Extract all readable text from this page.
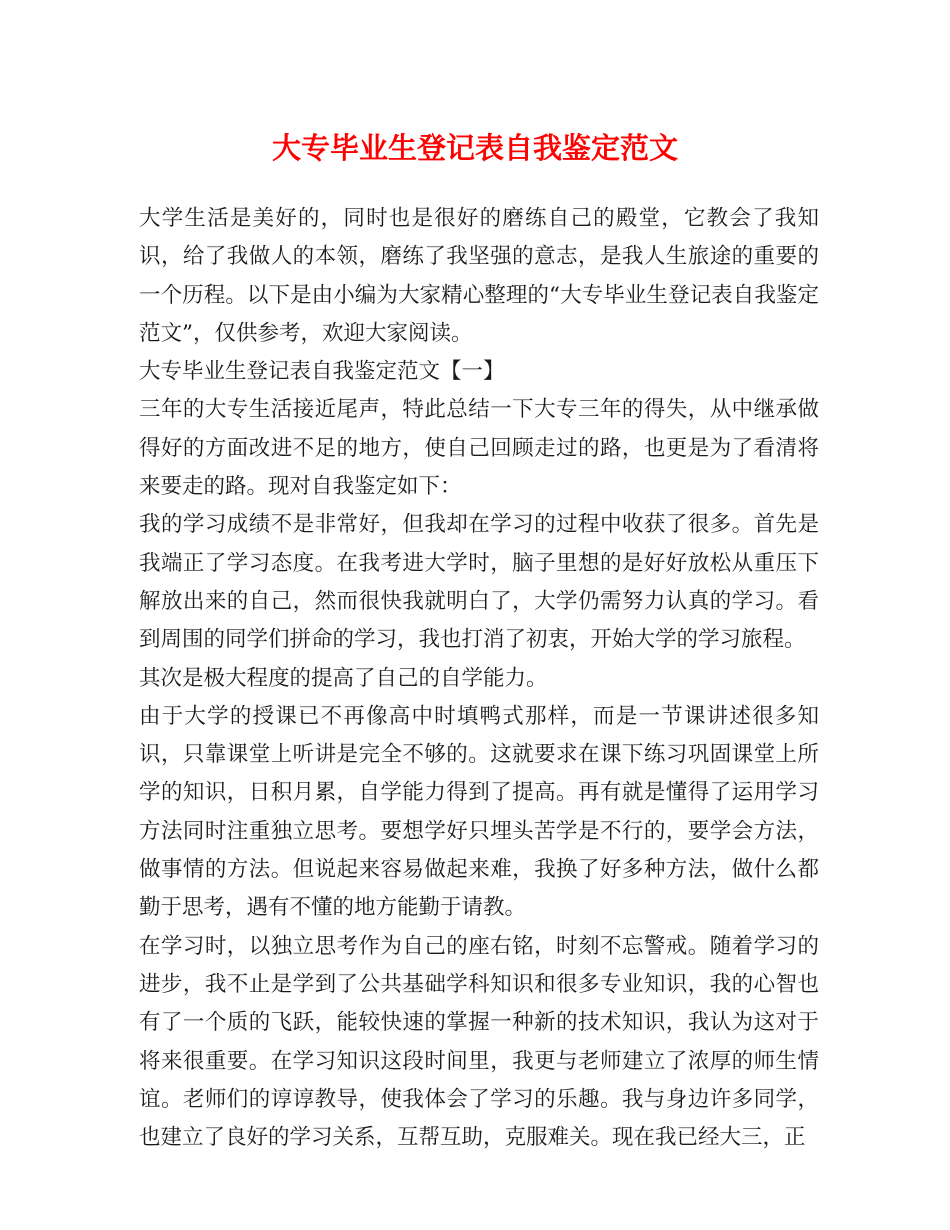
大专毕业生登记表自我鉴定范文

大学生活是美好的，同时也是很好的磨练自己的殿堂，它教会了我知识，给了我做人的本领，磨练了我坚强的意志，是我人生旅途的重要的一个历程。以下是由小编为大家精心整理的“大专毕业生登记表自我鉴定范文”，仅供参考，欢迎大家阅读。

大专毕业生登记表自我鉴定范文【一】

三年的大专生活接近尾声，特此总结一下大专三年的得失，从中继承做得好的方面改进不足的地方，使自己回顾走过的路，也更是为了看清将来要走的路。现对自我鉴定如下：

我的学习成绩不是非常好，但我却在学习的过程中收获了很多。首先是我端正了学习态度。在我考进大学时，脑子里想的是好好放松从重压下解放出来的自己，然而很快我就明白了，大学仍需努力认真的学习。看到周围的同学们拼命的学习，我也打消了初衷，开始大学的学习旅程。

其次是极大程度的提高了自己的自学能力。

由于大学的授课已不再像高中时填鸭式那样，而是一节课讲述很多知识，只靠课堂上听讲是完全不够的。这就要求在课下练习巩固课堂上所学的知识，日积月累，自学能力得到了提高。再有就是懂得了运用学习方法同时注重独立思考。要想学好只埋头苦学是不行的，要学会方法，做事情的方法。但说起来容易做起来难，我换了好多种方法，做什么都勤于思考，遇有不懂的地方能勤于请教。

在学习时，以独立思考作为自己的座右铭，时刻不忘警戒。随着学习的进步，我不止是学到了公共基础学科知识和很多专业知识，我的心智也有了一个质的飞跃，能较快速的掌握一种新的技术知识，我认为这对于将来很重要。在学习知识这段时间里，我更与老师建立了浓厚的师生情谊。老师们的谆谆教导，使我体会了学习的乐趣。我与身边许多同学，也建立了良好的学习关系，互帮互助，克服难关。现在我已经大三，正
